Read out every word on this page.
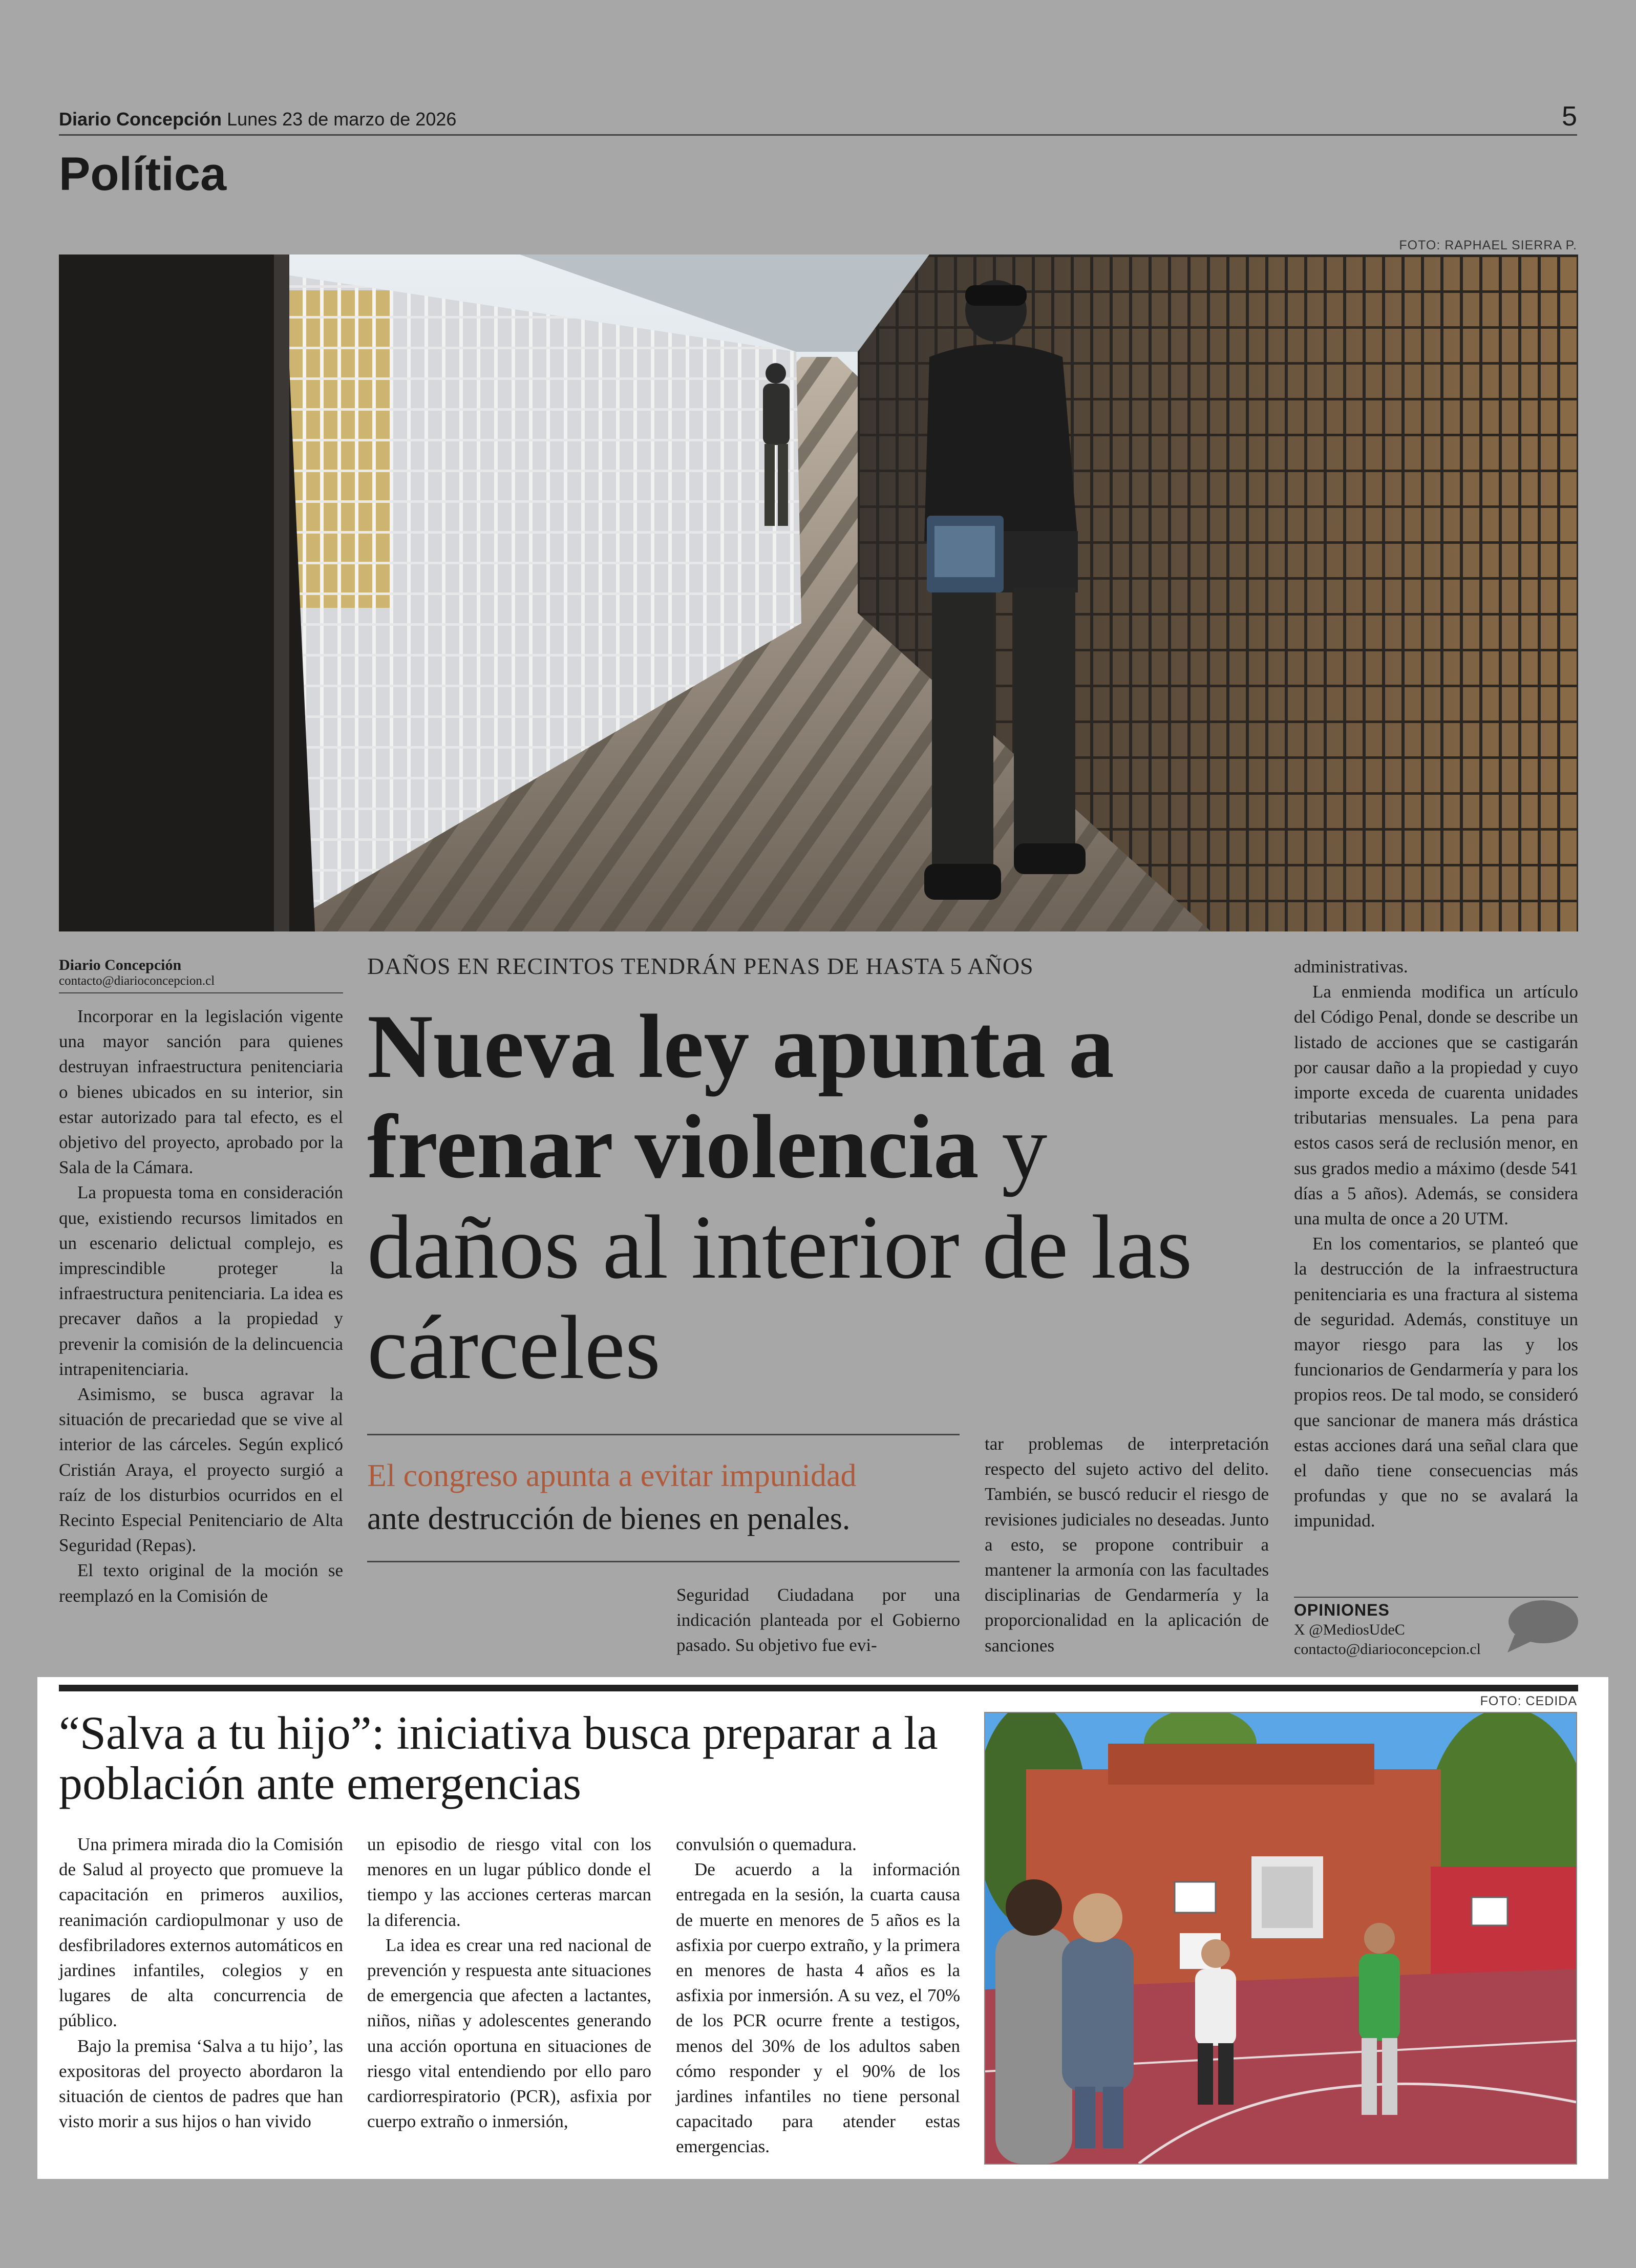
Diario Concepción Lunes 23 de marzo de 2026	5
Política
FOTO: RAPHAEL SIERRA P.
Diario Concepción
contacto@diarioconcepcion.cl

Incorporar en la legislación vigente una mayor sanción para quienes destruyan infraestructura penitenciaria o bienes ubicados en su interior, sin estar autorizado para tal efecto, es el objetivo del proyecto, aprobado por la Sala de la Cámara.

La propuesta toma en consideración que, existiendo recursos limitados en un escenario delictual complejo, es imprescindible proteger la infraestructura penitenciaria. La idea es precaver daños a la propiedad y prevenir la comisión de la delincuencia intrapenitenciaria.

Asimismo, se busca agravar la situación de precariedad que se vive al interior de las cárceles. Según explicó Cristián Araya, el proyecto surgió a raíz de los disturbios ocurridos en el Recinto Especial Penitenciario de Alta Seguridad (Repas).

El texto original de la moción se reemplazó en la Comisión de

DAÑOS EN RECINTOS TENDRÁN PENAS DE HASTA 5 AÑOS
Nueva ley apunta a frenar violencia y daños al interior de las cárceles
El congreso apunta a evitar impunidad
ante destrucción de bienes en penales.

Seguridad Ciudadana por una indicación planteada por el Gobierno pasado. Su objetivo fue evi-

tar problemas de interpretación respecto del sujeto activo del delito. También, se buscó reducir el riesgo de revisiones judiciales no deseadas. Junto a esto, se propone contribuir a mantener la armonía con las facultades disciplinarias de Gendarmería y la proporcionalidad en la aplicación de sanciones

administrativas.

La enmienda modifica un artículo del Código Penal, donde se describe un listado de acciones que se castigarán por causar daño a la propiedad y cuyo importe exceda de cuarenta unidades tributarias mensuales. La pena para estos casos será de reclusión menor, en sus grados medio a máximo (desde 541 días a 5 años). Además, se considera una multa de once a 20 UTM.

En los comentarios, se planteó que la destrucción de la infraestructura penitenciaria es una fractura al sistema de seguridad. Además, constituye un mayor riesgo para las y los funcionarios de Gendarmería y para los propios reos. De tal modo, se consideró que sancionar de manera más drástica estas acciones dará una señal clara que el daño tiene consecuencias más profundas y que no se avalará la impunidad.

OPINIONES
X @MediosUdeC
contacto@diarioconcepcion.cl
FOTO: CEDIDA
“Salva a tu hijo”: iniciativa busca preparar a la población ante emergencias

Una primera mirada dio la Comisión de Salud al proyecto que promueve la capacitación en primeros auxilios, reanimación cardiopulmonar y uso de desfibriladores externos automáticos en jardines infantiles, colegios y en lugares de alta concurrencia de público.

Bajo la premisa ‘Salva a tu hijo’, las expositoras del proyecto abordaron la situación de cientos de padres que han visto morir a sus hijos o han vivido

un episodio de riesgo vital con los menores en un lugar público donde el tiempo y las acciones certeras marcan la diferencia.

La idea es crear una red nacional de prevención y respuesta ante situaciones de emergencia que afecten a lactantes, niños, niñas y adolescentes generando una acción oportuna en situaciones de riesgo vital entendiendo por ello paro cardiorrespiratorio (PCR), asfixia por cuerpo extraño o inmersión,

convulsión o quemadura.

De acuerdo a la información entregada en la sesión, la cuarta causa de muerte en menores de 5 años es la asfixia por cuerpo extraño, y la primera en menores de hasta 4 años es la asfixia por inmersión. A su vez, el 70% de los PCR ocurre frente a testigos, menos del 30% de los adultos saben cómo responder y el 90% de los jardines infantiles no tiene personal capacitado para atender estas emergencias.
